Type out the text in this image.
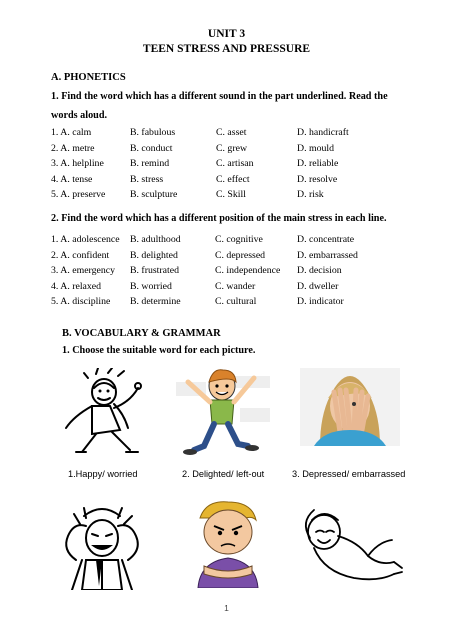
UNIT 3
TEEN STRESS AND PRESSURE
A. PHONETICS
1. Find the word which has a different sound in the part underlined. Read the
words aloud.
1. A. calm	B. fabulous	C. asset	D. handicraft
2. A. metre	B. conduct	C. grew	D. mould
3. A. helpline	B. remind	C. artisan	D. reliable
4. A. tense	B. stress	C. effect	D. resolve
5. A. preserve	B. sculpture	C. Skill	D. risk
2. Find the word which has a different position of the main stress in each line.
1. A. adolescence B. adulthood	C. cognitive	D. concentrate
2. A. confident B. delighted	C. depressed	D. embarrassed
3. A. emergency B. frustrated	C. independence D. decision
4. A. relaxed	B. worried	C. wander	D. dweller
5. A. discipline B. determine	C. cultural	D. indicator
B. VOCABULARY & GRAMMAR
1. Choose the suitable word for each picture.
1.Happy/ worried	2. Delighted/ left-out	3. Depressed/ embarrassed
1
